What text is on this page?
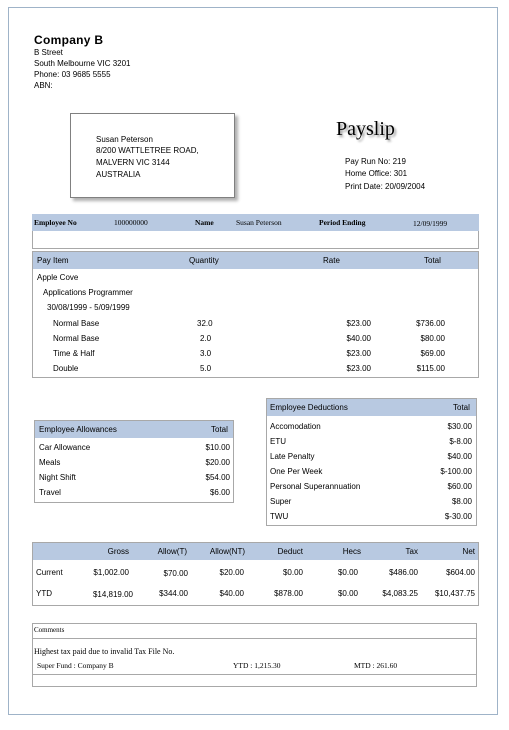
Company B
B Street
South Melbourne VIC 3201
Phone: 03 9685 5555
ABN:
Susan Peterson
8/200 WATTLETREE ROAD,
MALVERN VIC 3144
AUSTRALIA
Payslip
Pay Run No: 219
Home Office: 301
Print Date: 20/09/2004
Employee No	100000000	Name	Susan Peterson	Period Ending	12/09/1999
Pay Item	Quantity	Rate	Total
Apple Cove
Applications Programmer
30/08/1999 - 5/09/1999
Normal Base	32.0	$23.00	$736.00
Normal Base	2.0	$40.00	$80.00
Time & Half	3.0	$23.00	$69.00
Double	5.0	$23.00	$115.00
Employee Allowances	Total
Car Allowance	$10.00
Meals	$20.00
Night Shift	$54.00
Travel	$6.00
Employee Deductions	Total
Accomodation	$30.00
ETU	$-8.00
Late Penalty	$40.00
One Per Week	$-100.00
Personal Superannuation	$60.00
Super	$8.00
TWU	$-30.00
Gross	Allow(T)	Allow(NT)	Deduct	Hecs	Tax	Net
Current	$1,002.00	$70.00	$20.00	$0.00	$0.00	$486.00	$604.00
YTD	$14,819.00	$344.00	$40.00	$878.00	$0.00	$4,083.25	$10,437.75
Comments
Highest tax paid due to invalid Tax File No.
Super Fund : Company B	YTD : 1,215.30	MTD : 261.60
